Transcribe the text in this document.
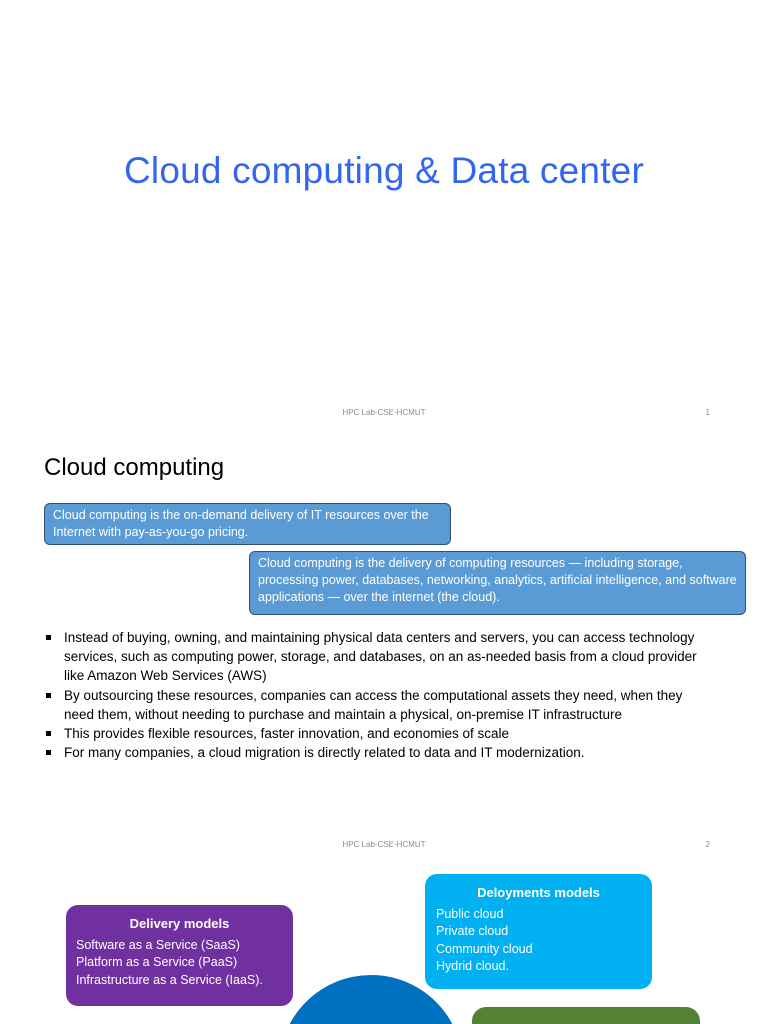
Cloud computing & Data center
HPC Lab-CSE-HCMUT	1
Cloud computing
Cloud computing is the on-demand delivery of IT resources over the Internet with pay-as-you-go pricing.
Cloud computing is the delivery of computing resources — including storage, processing power, databases, networking, analytics, artificial intelligence, and software applications — over the internet (the cloud).
Instead of buying, owning, and maintaining physical data centers and servers, you can access technology services, such as computing power, storage, and databases, on an as-needed basis from a cloud provider like Amazon Web Services (AWS)
By outsourcing these resources, companies can access the computational assets they need, when they need them, without needing to purchase and maintain a physical, on-premise IT infrastructure
This provides flexible resources, faster innovation, and economies of scale
For many companies, a cloud migration is directly related to data and IT modernization.
HPC Lab-CSE-HCMUT	2
Delivery models
Software as a Service (SaaS)
Platform as a Service (PaaS)
Infrastructure as a Service (IaaS).
Deloyments models
Public cloud
Private cloud
Community cloud
Hydrid cloud.
